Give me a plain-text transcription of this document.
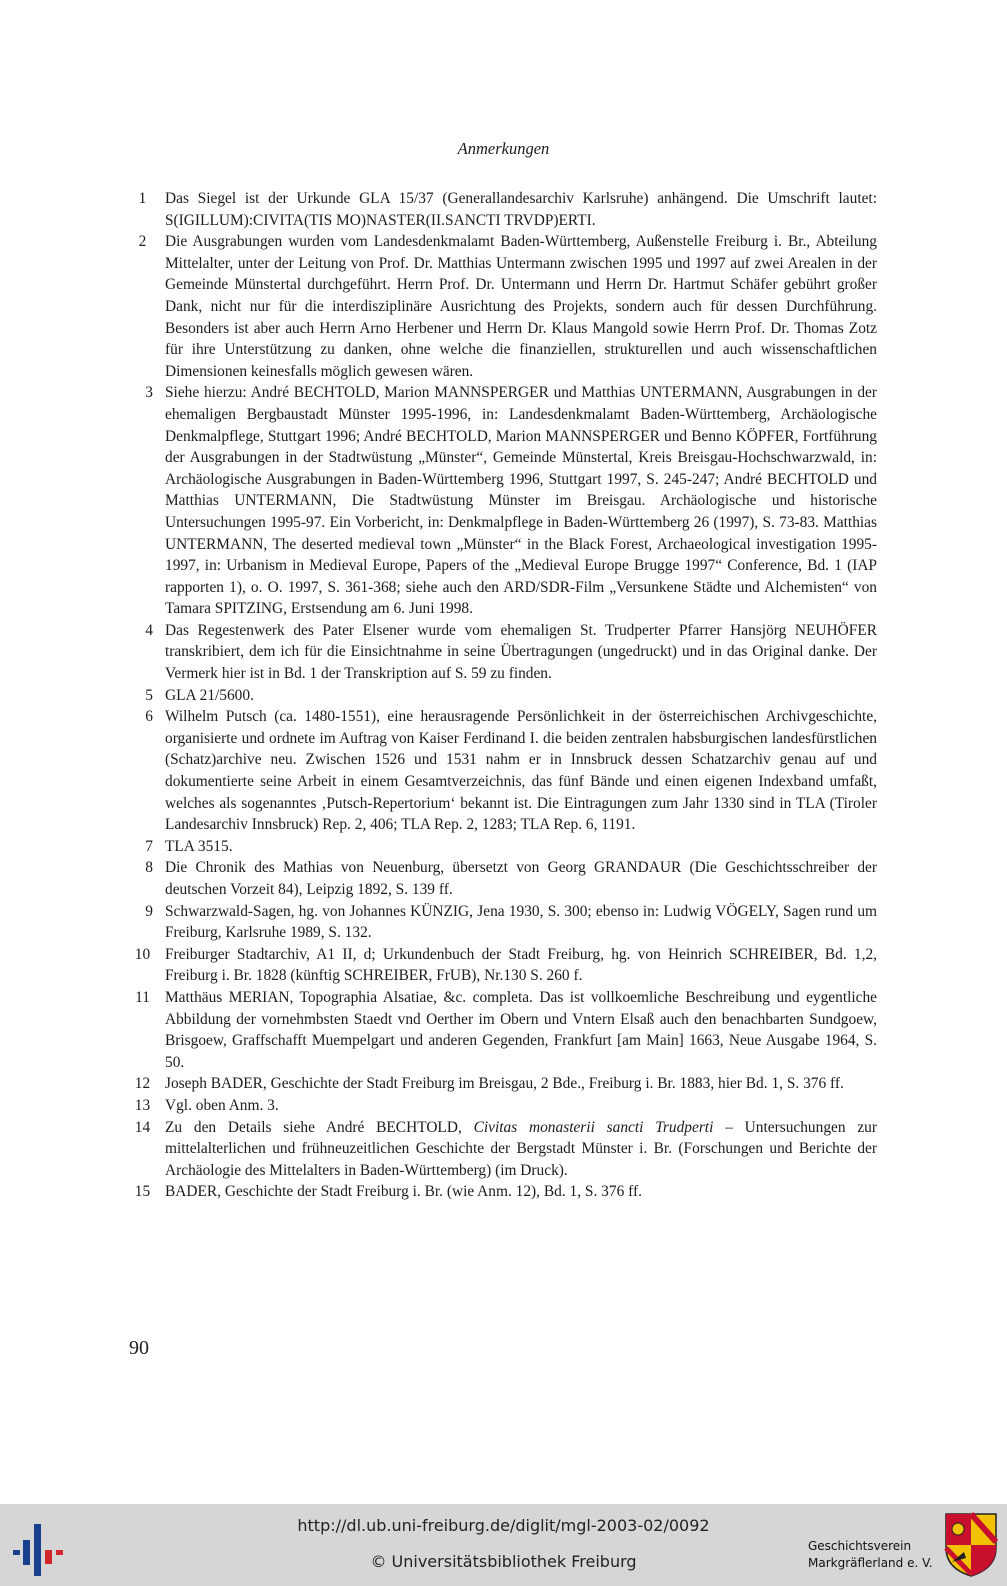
Anmerkungen
1	Das Siegel ist der Urkunde GLA 15/37 (Generallandesarchiv Karlsruhe) anhängend. Die Umschrift lautet: S(IGILLUM):CIVITA(TIS MO)NASTER(II.SANCTI TRVDP)ERTI.
2	Die Ausgrabungen wurden vom Landesdenkmalamt Baden-Württemberg, Außenstelle Freiburg i. Br., Abteilung Mittelalter, unter der Leitung von Prof. Dr. Matthias Untermann zwischen 1995 und 1997 auf zwei Arealen in der Gemeinde Münstertal durchgeführt. Herrn Prof. Dr. Untermann und Herrn Dr. Hartmut Schäfer gebührt großer Dank, nicht nur für die interdisziplinäre Ausrichtung des Projekts, sondern auch für dessen Durchführung. Besonders ist aber auch Herrn Arno Herbener und Herrn Dr. Klaus Mangold sowie Herrn Prof. Dr. Thomas Zotz für ihre Unterstützung zu danken, ohne welche die finanziellen, strukturellen und auch wissenschaftlichen Dimensionen keinesfalls möglich gewesen wären.
3 Siehe hierzu: André BECHTOLD, Marion MANNSPERGER und Matthias UNTERMANN, Ausgrabungen in der ehemaligen Bergbaustadt Münster 1995-1996, in: Landesdenkmalamt Baden-Württemberg, Archäologische Denkmalpflege, Stuttgart 1996; André BECHTOLD, Marion MANNSPERGER und Benno KÖPFER, Fortführung der Ausgrabungen in der Stadtwüstung „Münster“, Gemeinde Münstertal, Kreis Breisgau-Hochschwarzwald, in: Archäologische Ausgrabungen in Baden-Württemberg 1996, Stuttgart 1997, S. 245-247; André BECHTOLD und Matthias UNTERMANN, Die Stadtwüstung Münster im Breisgau. Archäologische und historische Untersuchungen 1995-97. Ein Vorbericht, in: Denkmalpflege in Baden-Württemberg 26 (1997), S. 73-83. Matthias UNTERMANN, The deserted medieval town „Münster“ in the Black Forest, Archaeological investigation 1995-1997, in: Urbanism in Medieval Europe, Papers of the „Medieval Europe Brugge 1997“ Conference, Bd. 1 (IAP rapporten 1), o. O. 1997, S. 361-368; siehe auch den ARD/SDR-Film „Versunkene Städte und Alchemisten“ von Tamara SPITZING, Erstsendung am 6. Juni 1998.
4 Das Regestenwerk des Pater Elsener wurde vom ehemaligen St. Trudperter Pfarrer Hansjörg NEUHÖFER transkribiert, dem ich für die Einsichtnahme in seine Übertragungen (ungedruckt) und in das Original danke. Der Vermerk hier ist in Bd. 1 der Transkription auf S. 59 zu finden.
5 GLA 21/5600.
6 Wilhelm Putsch (ca. 1480-1551), eine herausragende Persönlichkeit in der österreichischen Archivgeschichte, organisierte und ordnete im Auftrag von Kaiser Ferdinand I. die beiden zentralen habsburgischen landesfürstlichen (Schatz)archive neu. Zwischen 1526 und 1531 nahm er in Innsbruck dessen Schatzarchiv genau auf und dokumentierte seine Arbeit in einem Gesamtverzeichnis, das fünf Bände und einen eigenen Indexband umfaßt, welches als sogenanntes ‚Putsch-Repertorium‘ bekannt ist. Die Eintragungen zum Jahr 1330 sind in TLA (Tiroler Landesarchiv Innsbruck) Rep. 2, 406; TLA Rep. 2, 1283; TLA Rep. 6, 1191.
7 TLA 3515.
8 Die Chronik des Mathias von Neuenburg, übersetzt von Georg GRANDAUR (Die Geschichtsschreiber der deutschen Vorzeit 84), Leipzig 1892, S. 139 ff.
9 Schwarzwald-Sagen, hg. von Johannes KÜNZIG, Jena 1930, S. 300; ebenso in: Ludwig VÖGELY, Sagen rund um Freiburg, Karlsruhe 1989, S. 132.
10 Freiburger Stadtarchiv, A1 II, d; Urkundenbuch der Stadt Freiburg, hg. von Heinrich SCHREIBER, Bd. 1,2, Freiburg i. Br. 1828 (künftig SCHREIBER, FrUB), Nr.130 S. 260 f.
11 Matthäus MERIAN, Topographia Alsatiae, &c. completa. Das ist vollkoemliche Beschreibung und eygentliche Abbildung der vornehmbsten Staedt vnd Oerther im Obern und Vntern Elsaß auch den benachbarten Sundgoew, Brisgoew, Graffschafft Muempelgart und anderen Gegenden, Frankfurt [am Main] 1663, Neue Ausgabe 1964, S. 50.
12 Joseph BADER, Geschichte der Stadt Freiburg im Breisgau, 2 Bde., Freiburg i. Br. 1883, hier Bd. 1, S. 376 ff.
13 Vgl. oben Anm. 3.
14 Zu den Details siehe André BECHTOLD, Civitas monasterii sancti Trudperti – Untersuchungen zur mittelalterlichen und frühneuzeitlichen Geschichte der Bergstadt Münster i. Br. (Forschungen und Berichte der Archäologie des Mittelalters in Baden-Württemberg) (im Druck).
15 BADER, Geschichte der Stadt Freiburg i. Br. (wie Anm. 12), Bd. 1, S. 376 ff.
90
http://dl.ub.uni-freiburg.de/diglit/mgl-2003-02/0092
© Universitätsbibliothek Freiburg
Geschichtsverein
Markgräflerland e. V.
